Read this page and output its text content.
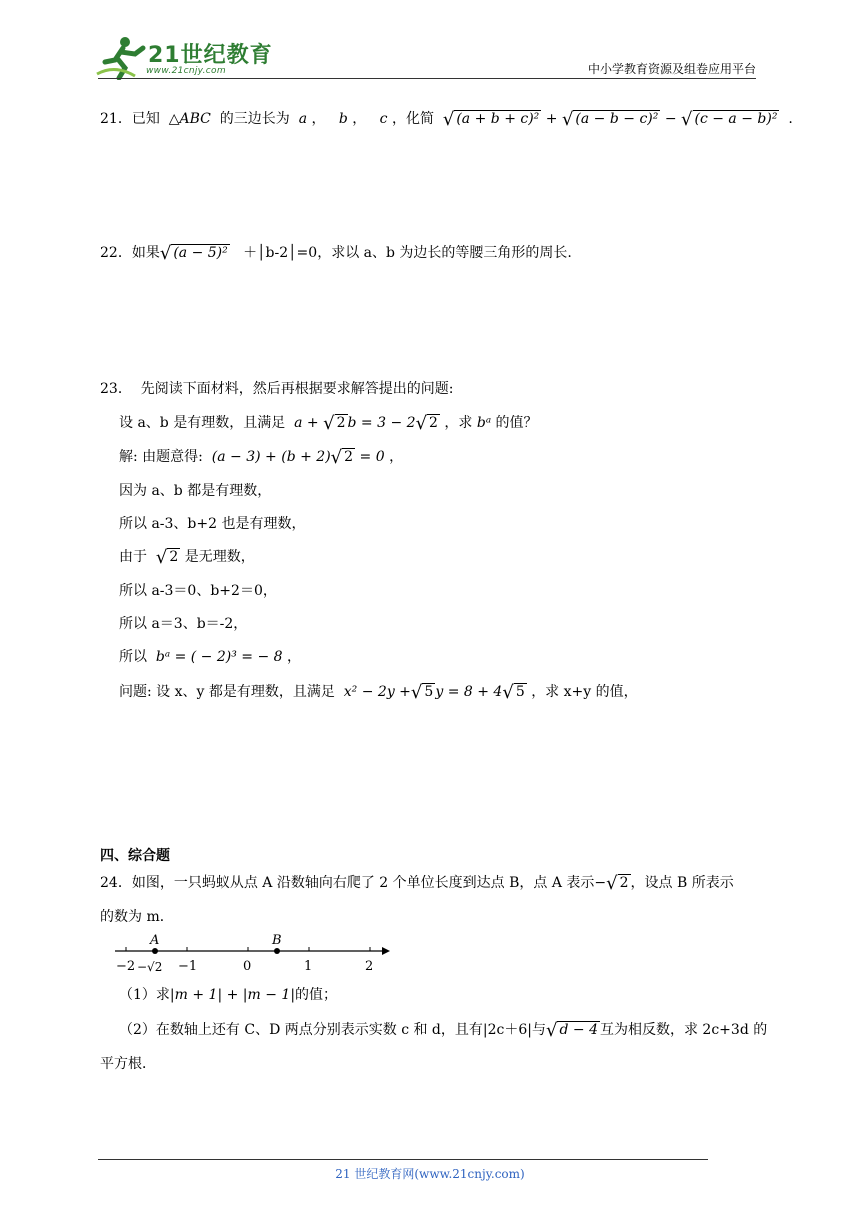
21世纪教育
www.21cnjy.com	中小学教育资源及组卷应用平台
21．已知 △ABC 的三边长为 a ， b ， c ，化简 √ (a + b + c)² + √ (a − b − c)² − √ (c − a − b)² .
22．如果√ (a − 5)² ＋│b-2│=0，求以 a、b 为边长的等腰三角形的周长.
23． 先阅读下面材料，然后再根据要求解答提出的问题:
设 a、b 是有理数，且满足 a + √ 2 b = 3 − 2√ 2 ，求 bᵃ 的值？
解: 由题意得: (a − 3) + (b + 2)√ 2 = 0 ，
因为 a、b 都是有理数，
所以 a-3、b+2 也是有理数，
由于 √ 2 是无理数，
所以 a-3＝0、b+2＝0，
所以 a＝3、b＝-2，
所以 bᵃ = ( − 2)³ = − 8 ，
问题: 设 x、y 都是有理数，且满足 x² − 2y +√ 5 y = 8 + 4√ 5 ，求 x+y 的值，
四、综合题
24．如图，一只蚂蚁从点 A 沿数轴向右爬了 2 个单位长度到达点 B，点 A 表示−√ 2 ，设点 B 所表示
的数为 m．
A	B
−2 −√2 −1	0	1	2
（1）求|m + 1| + |m − 1|的值；
（2）在数轴上还有 C、D 两点分别表示实数 c 和 d，且有|2c＋6|与√ d − 4 互为相反数，求 2c+3d 的
平方根．
21 世纪教育网(www.21cnjy.com)
